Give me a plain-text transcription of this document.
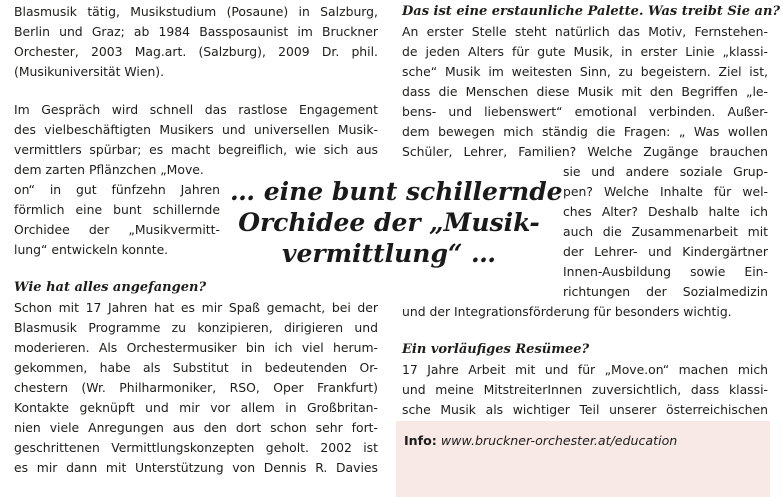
Blasmusik tätig, Musikstudium (Posaune) in Salzburg,
Berlin und Graz; ab 1984 Bassposaunist im Bruckner
Orchester, 2003 Mag.art. (Salzburg), 2009 Dr. phil.
(Musikuniversität Wien).
Im Gespräch wird schnell das rastlose Engagement
des vielbeschäftigten Musikers und universellen Musik-
vermittlers spürbar; es macht begreiflich, wie sich aus
dem zarten Pflänzchen „Move.
on“ in gut fünfzehn Jahren
förmlich eine bunt schillernde
Orchidee der „Musikvermitt-
lung“ entwickeln konnte.
Wie hat alles angefangen?
Schon mit 17 Jahren hat es mir Spaß gemacht, bei der
Blasmusik Programme zu konzipieren, dirigieren und
moderieren. Als Orchestermusiker bin ich viel herum-
gekommen, habe als Substitut in bedeutenden Or-
chestern (Wr. Philharmoniker, RSO, Oper Frankfurt)
Kontakte geknüpft und mir vor allem in Großbritan-
nien viele Anregungen aus den dort schon sehr fort-
geschrittenen Vermittlungskonzepten geholt. 2002 ist
es mir dann mit Unterstützung von Dennis R. Davies
… eine bunt schillernde
Orchidee der „Musik-
vermittlung“ …
Das ist eine erstaunliche Palette. Was treibt Sie an?
An erster Stelle steht natürlich das Motiv, Fernstehen-
de jeden Alters für gute Musik, in erster Linie „klassi-
sche“ Musik im weitesten Sinn, zu begeistern. Ziel ist,
dass die Menschen diese Musik mit den Begriffen „le-
bens- und liebenswert“ emotional verbinden. Außer-
dem bewegen mich ständig die Fragen: „ Was wollen
Schüler, Lehrer, Familien? Welche Zugänge brauchen
sie und andere soziale Grup-
pen? Welche Inhalte für wel-
ches Alter? Deshalb halte ich
auch die Zusammenarbeit mit
der Lehrer- und Kindergärtner
Innen-Ausbildung sowie Ein-
richtungen der Sozialmedizin
und der Integrationsförderung für besonders wichtig.
Ein vorläufiges Resümee?
17 Jahre Arbeit mit und für „Move.on“ machen mich
und meine MitstreiterInnen zuversichtlich, dass klassi-
sche Musik als wichtiger Teil unserer österreichischen
Info: www.bruckner-orchester.at/education
